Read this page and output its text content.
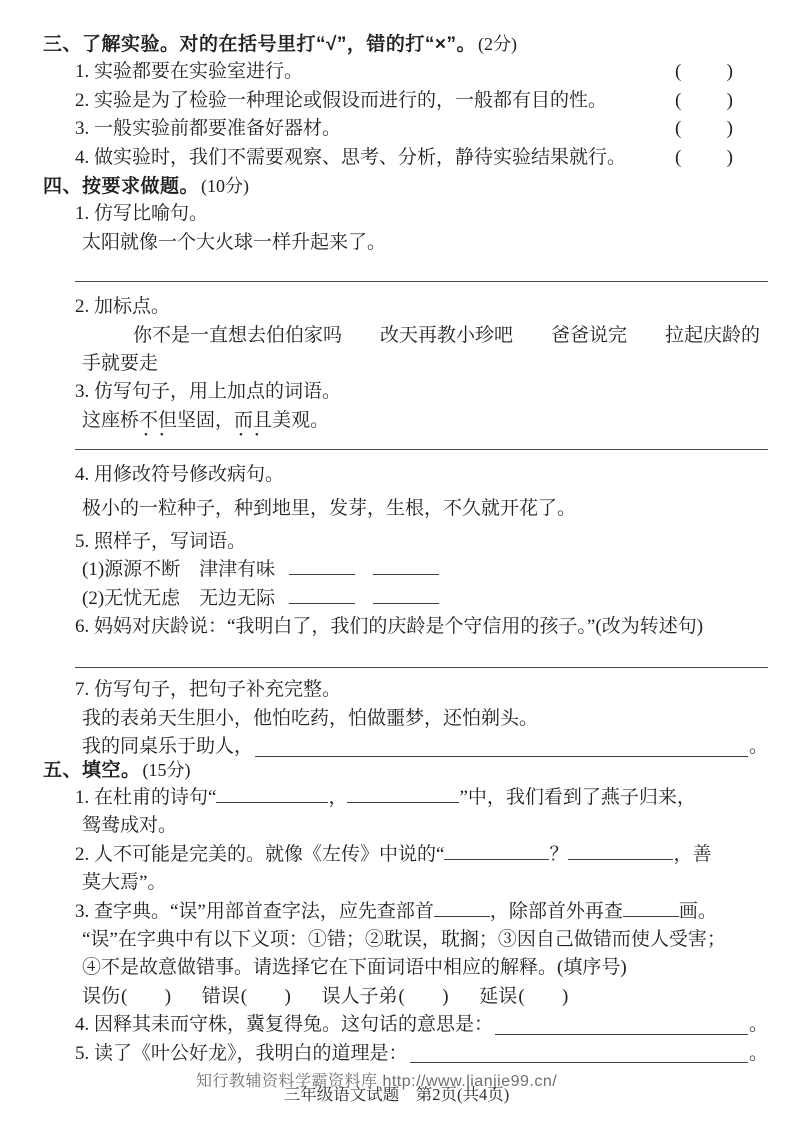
三、了解实验。对的在括号里打“√”，错的打“×”。 (2分)
1. 实验都要在实验室进行。	( )
2. 实验是为了检验一种理论或假设而进行的，一般都有目的性。	( )
3. 一般实验前都要准备好器材。	( )
4. 做实验时，我们不需要观察、思考、分析，静待实验结果就行。	( )
四、按要求做题。 (10分)
1. 仿写比喻句。
太阳就像一个大火球一样升起来了。
2. 加标点。
你不是一直想去伯伯家吗　　改天再教小珍吧　　爸爸说完　　拉起庆龄的
手就要走
3. 仿写句子，用上加点的词语。
这座桥不但 ••坚固，而且 ••美观。
4. 用修改符号修改病句。
极小的一粒种子，种到地里，发芽，生根，不久就开花了。
5. 照样子，写词语。
(1)源源不断　津津有味
(2)无忧无虑　无边无际
6. 妈妈对庆龄说：“我明白了，我们的庆龄是个守信用的孩子。”(改为转述句)
7. 仿写句子，把句子补充完整。
我的表弟天生胆小，他怕吃药，怕做噩梦，还怕剃头。
我的同桌乐于助人，	。
五、填空。 (15分)
1. 在杜甫的诗句“	，	”中，我们看到了燕子归来，
鸳鸯成对。
2. 人不可能是完美的。就像《左传》中说的“	？	，善
莫大焉”。
3. 查字典。“误”用部首查字法，应先查部首	，除部首外再查	画。
“误”在字典中有以下义项：①错；②耽误，耽搁；③因自己做错而使人受害；
④不是故意做错事。请选择它在下面词语中相应的解释。(填序号)
误伤 ( ) 错误 ( ) 误人子弟 ( ) 延误 ( )
4. 因释其耒而守株，冀复得兔。这句话的意思是：	。
5. 读了《叶公好龙》，我明白的道理是：	。
知行教辅资料学霸资料库 http://www.lianjie99.cn/
三年级语文试题　第2页(共4页)
